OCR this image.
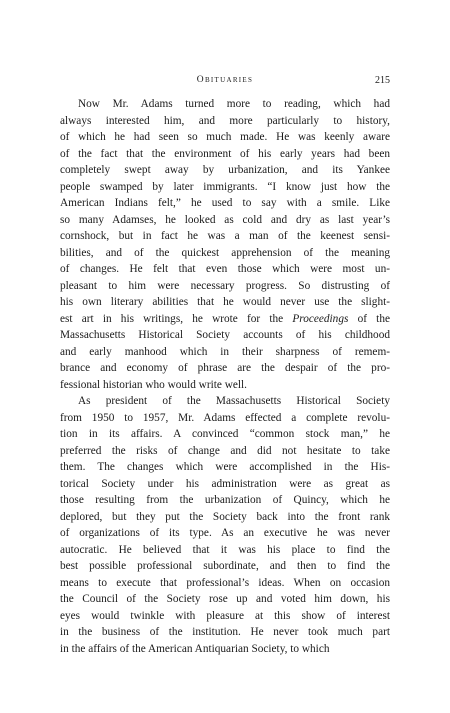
Obituaries	215
Now Mr. Adams turned more to reading, which had
always interested him, and more particularly to history,
of which he had seen so much made. He was keenly aware
of the fact that the environment of his early years had been
completely swept away by urbanization, and its Yankee
people swamped by later immigrants. “I know just how the
American Indians felt,” he used to say with a smile. Like
so many Adamses, he looked as cold and dry as last year’s
cornshock, but in fact he was a man of the keenest sensi-
bilities, and of the quickest apprehension of the meaning
of changes. He felt that even those which were most un-
pleasant to him were necessary progress. So distrusting of
his own literary abilities that he would never use the slight-
est art in his writings, he wrote for the Proceedings of the
Massachusetts Historical Society accounts of his childhood
and early manhood which in their sharpness of remem-
brance and economy of phrase are the despair of the pro-
fessional historian who would write well.
As president of the Massachusetts Historical Society
from 1950 to 1957, Mr. Adams effected a complete revolu-
tion in its affairs. A convinced “common stock man,” he
preferred the risks of change and did not hesitate to take
them. The changes which were accomplished in the His-
torical Society under his administration were as great as
those resulting from the urbanization of Quincy, which he
deplored, but they put the Society back into the front rank
of organizations of its type. As an executive he was never
autocratic. He believed that it was his place to find the
best possible professional subordinate, and then to find the
means to execute that professional’s ideas. When on occasion
the Council of the Society rose up and voted him down, his
eyes would twinkle with pleasure at this show of interest
in the business of the institution. He never took much part
in the affairs of the American Antiquarian Society, to which
